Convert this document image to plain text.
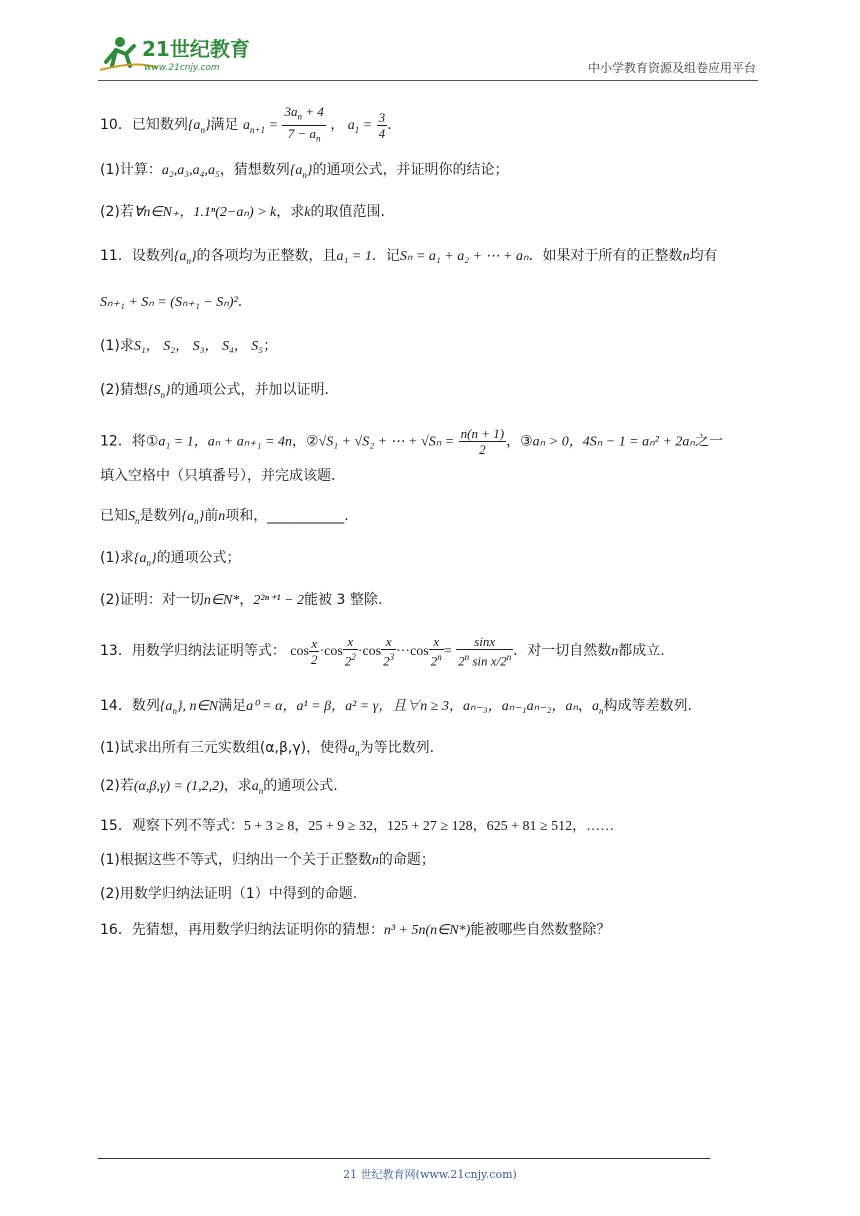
21世纪教育
www.21cnjy.com	中小学教育资源及组卷应用平台
10．已知数列$\{a_n\}$满足 $a_{n+1} = \frac{3a_n + 4}{7 - a_n}$ ， $a_1 = \frac{3}{4}$ .
(1)计算：a₂,a₃,a₄,a₅，猜想数列$\{a_n\}$的通项公式，并证明你的结论；
(2)若∀n∈N₊，1.1ⁿ(2−aₙ) > k，求k的取值范围.
11．设数列$\{a_n\}$的各项均为正整数，且a₁ = 1．记Sₙ = a₁ + a₂ + ⋯ + aₙ．如果对于所有的正整数n均有
Sₙ₊₁ + Sₙ = (Sₙ₊₁ − Sₙ)².
(1)求S₁， S₂， S₃， S₄， S₅；
(2)猜想$\{S_n\}$的通项公式，并加以证明.
12．将①a₁ = 1，aₙ + aₙ₊₁ = 4n，②√S₁ + √S₂ + ⋯ + $√S_n = \frac{n(n + 1)}{2}$ ，③aₙ > 0，4Sₙ − 1 = aₙ² + 2aₙ之一
填入空格中（只填番号），并完成该题.
已知$S_n$是数列$\{a_n\}$前n项和，___________.
(1)求$\{a_n\}$的通项公式；
(2)证明：对一切n∈N*，2²ⁿ⁺¹ − 2能被 3 整除.
13．用数学归纳法证明等式： $\cos \frac{x}{2} \cdot\cos \frac{x}{2^2} \cdot\cos \frac{x}{2^3} \cdot\cdot\cdot\cos \frac{x}{2^n} = \frac{\sin x}{2^n \sin x/2^n}$ ．对一切自然数n都成立.
14．数列$\{a_n\}$, n∈N满足a⁰ = α，a¹ = β，a² = γ，且∀n ≥ 3，aₙ₋₃，aₙ₋₁aₙ₋₂，aₙ，$a_n$构成等差数列.
(1)试求出所有三元实数组(α,β,γ)，使得$a_n$为等比数列.
(2)若(α,β,γ) = (1,2,2)，求$a_n$的通项公式.
15．观察下列不等式：5 + 3 ≥ 8，25 + 9 ≥ 32，125 + 27 ≥ 128，625 + 81 ≥ 512，……
(1)根据这些不等式，归纳出一个关于正整数n的命题；
(2)用数学归纳法证明（1）中得到的命题.
16．先猜想，再用数学归纳法证明你的猜想：n³ + 5n(n∈N*)能被哪些自然数整除？
21 世纪教育网(www.21cnjy.com)
